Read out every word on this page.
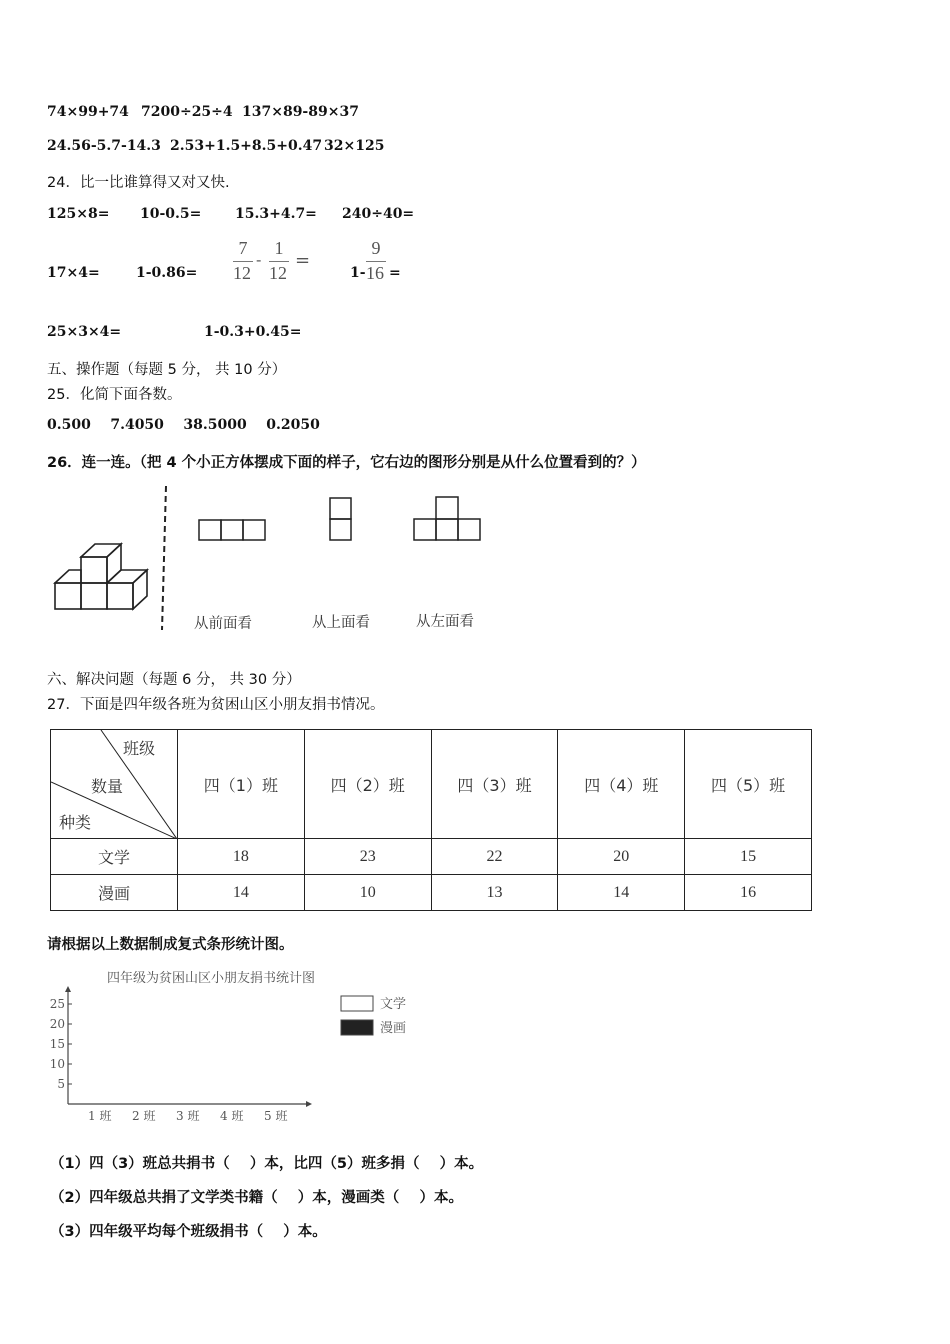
74×99+74 7200÷25÷4 137×89-89×37
24.56-5.7-14.3 2.53+1.5+8.5+0.47 32×125
24．比一比谁算得又对又快.
125×8= 10-0.5= 15.3+4.7= 240÷40=
17×4=	1-0.86=
7
12
-
1
12
=
1-
9
16 =
25×3×4=	1-0.3+0.45=
五、操作题（每题 5 分， 共 10 分）
25．化简下面各数。
0.500    7.4050    38.5000    0.2050
26．连一连。（把 4 个小正方体摆成下面的样子，它右边的图形分别是从什么位置看到的？）
从前面看	从上面看	从左面看
六、解决问题（每题 6 分， 共 30 分）
27．下面是四年级各班为贫困山区小朋友捐书情况。
班级
数量
种类	四（1）班	四（2）班	四（3）班	四（4）班	四（5）班
文学	18	23	22	20	15
漫画	14	10	13	14	16
请根据以上数据制成复式条形统计图。
四年级为贫困山区小朋友捐书统计图
5
10
15
20
25
1 班 2 班 3 班 4 班 5 班
文学
漫画
（1）四（3）班总共捐书（    ）本，比四（5）班多捐（    ）本。
（2）四年级总共捐了文学类书籍（    ）本，漫画类（    ）本。
（3）四年级平均每个班级捐书（    ）本。
